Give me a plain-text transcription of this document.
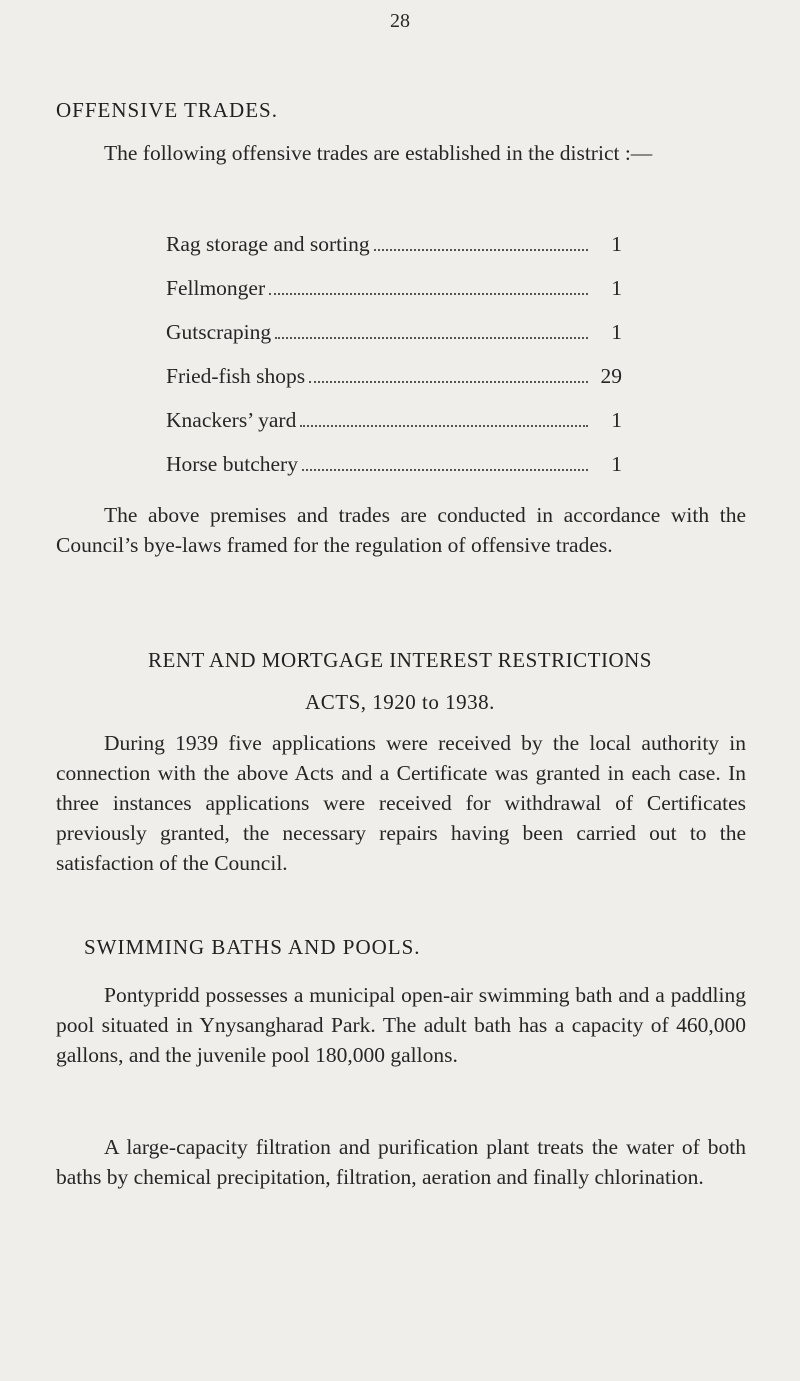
28
OFFENSIVE TRADES.

The following offensive trades are established in the district :—

Rag storage and sorting	1
Fellmonger	1
Gutscraping	1
Fried-fish shops	29
Knackers’ yard	1
Horse butchery	1

The above premises and trades are conducted in accordance with the Council’s bye-laws framed for the regulation of offensive trades.

RENT AND MORTGAGE INTEREST RESTRICTIONS
ACTS, 1920 to 1938.

During 1939 five applications were received by the local authority in connection with the above Acts and a Certificate was granted in each case. In three instances applications were received for withdrawal of Certificates previously granted, the necessary repairs having been carried out to the satisfaction of the Council.

SWIMMING BATHS AND POOLS.

Pontypridd possesses a municipal open-air swimming bath and a paddling pool situated in Ynysangharad Park. The adult bath has a capacity of 460,000 gallons, and the juvenile pool 180,000 gallons.

A large-capacity filtration and purification plant treats the water of both baths by chemical precipitation, filtration, aeration and finally chlorination.
